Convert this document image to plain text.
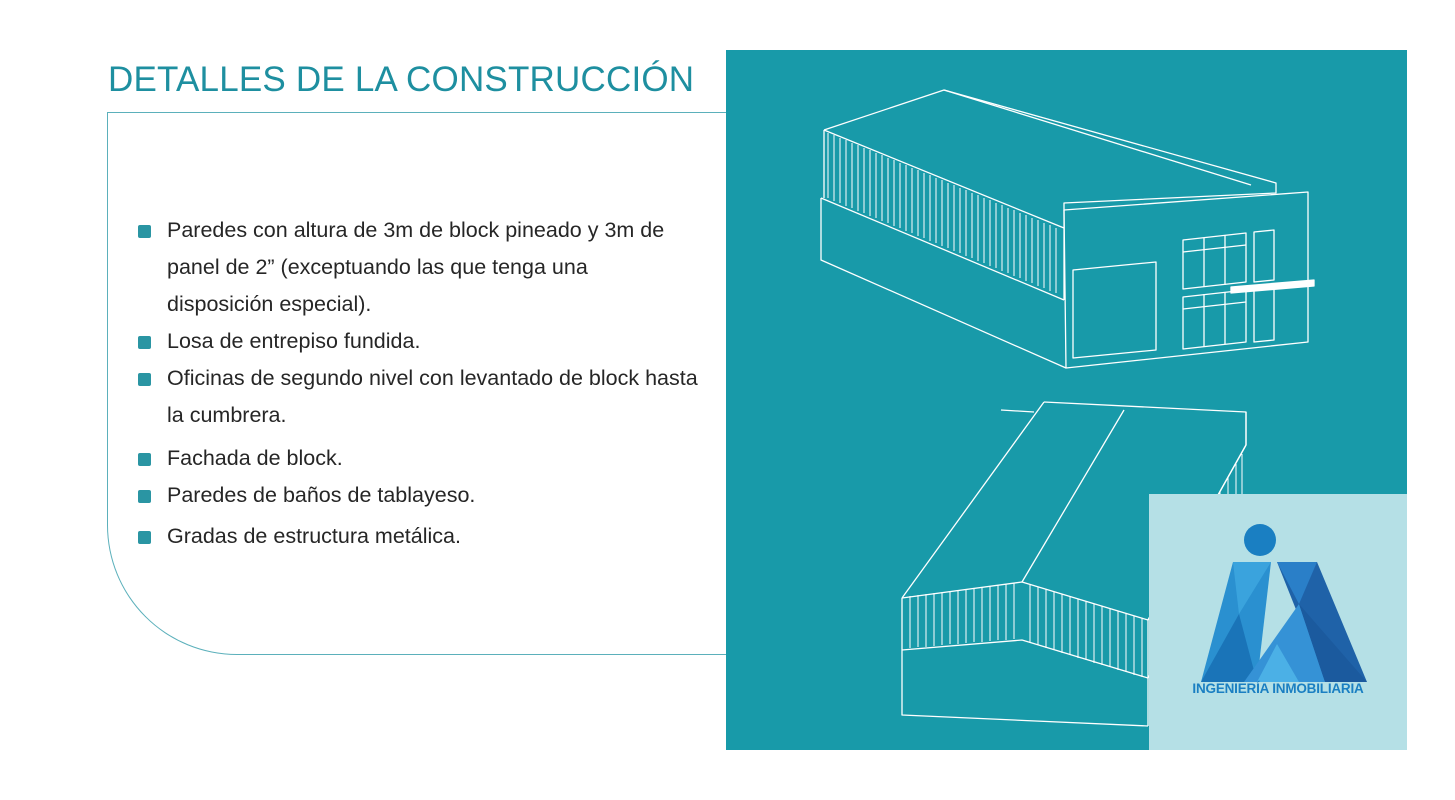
DETALLES DE LA CONSTRUCCIÓN
Paredes con altura de 3m de block pineado y 3m de panel de 2” (exceptuando las que tenga una disposición especial).
Losa de entrepiso fundida.
Oficinas de segundo nivel con levantado de block hasta la cumbrera.
Fachada de block.
Paredes de baños de tablayeso.
Gradas de estructura metálica.
INGENIERÍA INMOBILIARIA
